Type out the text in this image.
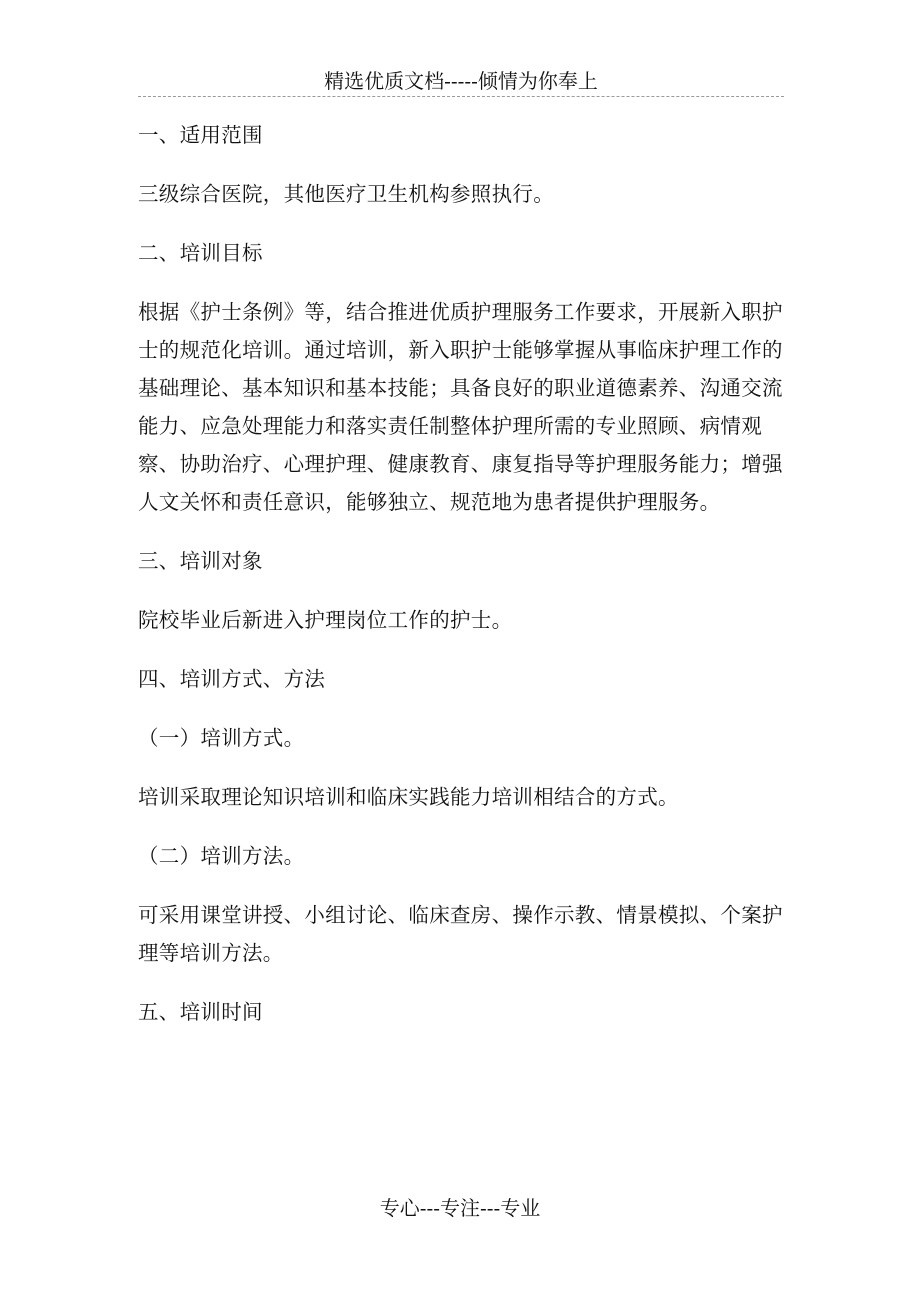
精选优质文档-----倾情为你奉上

一、适用范围

三级综合医院，其他医疗卫生机构参照执行。

二、培训目标

根据《护士条例》等，结合推进优质护理服务工作要求，开展新入职护士的规范化培训。通过培训，新入职护士能够掌握从事临床护理工作的基础理论、基本知识和基本技能；具备良好的职业道德素养、沟通交流能力、应急处理能力和落实责任制整体护理所需的专业照顾、病情观察、协助治疗、心理护理、健康教育、康复指导等护理服务能力；增强人文关怀和责任意识，能够独立、规范地为患者提供护理服务。

三、培训对象

院校毕业后新进入护理岗位工作的护士。

四、培训方式、方法

（一）培训方式。

培训采取理论知识培训和临床实践能力培训相结合的方式。

（二）培训方法。

可采用课堂讲授、小组讨论、临床查房、操作示教、情景模拟、个案护理等培训方法。

五、培训时间

专心---专注---专业
